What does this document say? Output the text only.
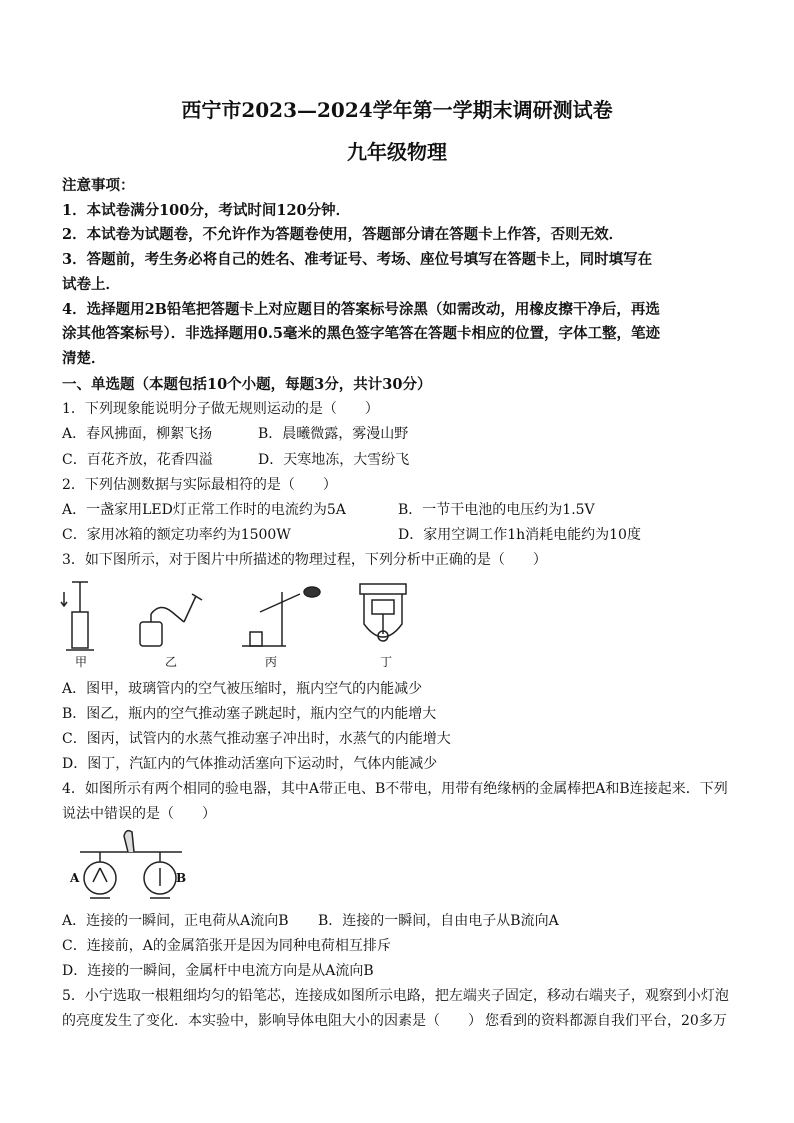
西宁市2023—2024学年第一学期末调研测试卷
九年级物理
注意事项：
1．本试卷满分100分，考试时间120分钟．
2．本试卷为试题卷，不允许作为答题卷使用，答题部分请在答题卡上作答，否则无效．
3．答题前，考生务必将自己的姓名、准考证号、考场、座位号填写在答题卡上，同时填写在
试卷上．
4．选择题用2B铅笔把答题卡上对应题目的答案标号涂黑（如需改动，用橡皮擦干净后，再选
涂其他答案标号）．非选择题用0.5毫米的黑色签字笔答在答题卡相应的位置，字体工整，笔迹
清楚．
一、单选题（本题包括10个小题，每题3分，共计30分）
1．下列现象能说明分子做无规则运动的是（　　）
A．春风拂面，柳絮飞扬	B．晨曦微露，雾漫山野
C．百花齐放，花香四溢	D．天寒地冻，大雪纷飞
2．下列估测数据与实际最相符的是（　　）
A．一盏家用LED灯正常工作时的电流约为5A	B．一节干电池的电压约为1.5V
C．家用冰箱的额定功率约为1500W	D．家用空调工作1h消耗电能约为10度
3．如下图所示，对于图片中所描述的物理过程，下列分析中正确的是（　　）
甲	乙	丙	丁
A．图甲，玻璃管内的空气被压缩时，瓶内空气的内能减少
B．图乙，瓶内的空气推动塞子跳起时，瓶内空气的内能增大
C．图丙，试管内的水蒸气推动塞子冲出时，水蒸气的内能增大
D．图丁，汽缸内的气体推动活塞向下运动时，气体内能减少
4．如图所示有两个相同的验电器，其中A带正电、B不带电，用带有绝缘柄的金属棒把A和B连接起来．下列
说法中错误的是（　　）
A	B
A．连接的一瞬间，正电荷从A流向B B．连接的一瞬间，自由电子从B流向A
C．连接前，A的金属箔张开是因为同种电荷相互排斥
D．连接的一瞬间，金属杆中电流方向是从A流向B
5．小宁选取一根粗细均匀的铅笔芯，连接成如图所示电路，把左端夹子固定，移动右端夹子，观察到小灯泡
的亮度发生了变化．本实验中，影响导体电阻大小的因素是（　　） 您看到的资料都源自我们平台，20多万
